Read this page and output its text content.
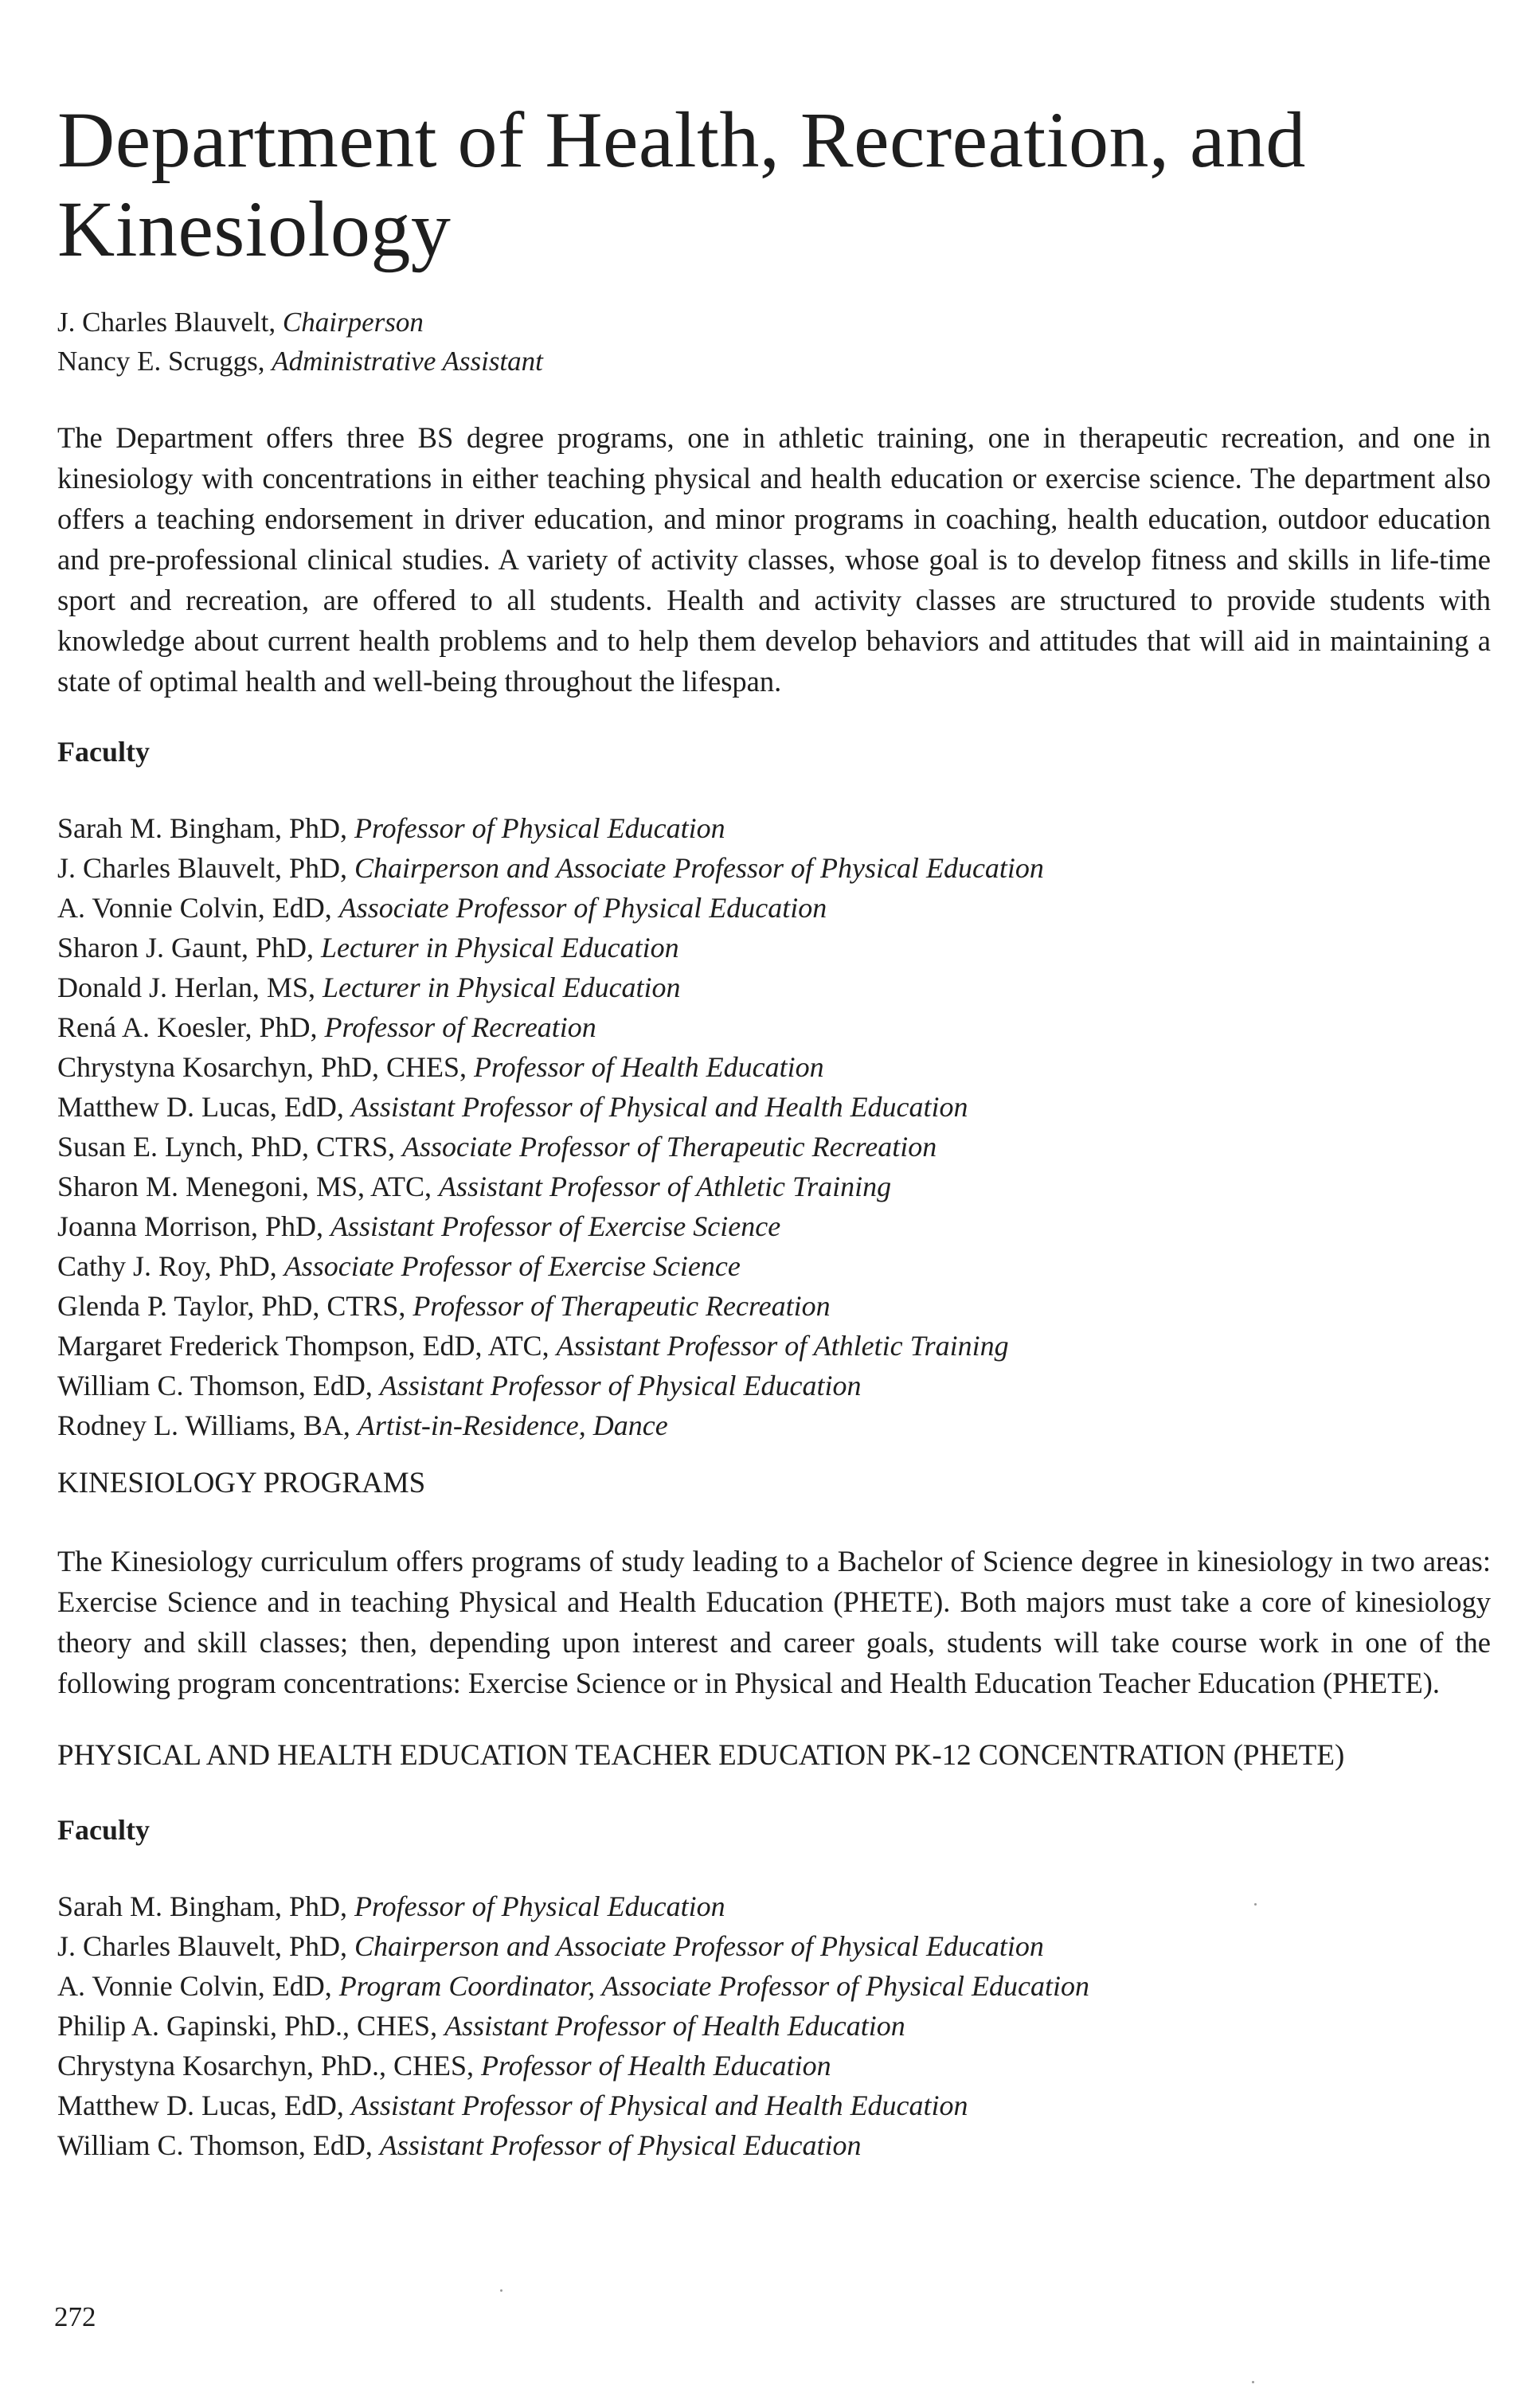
Department of Health, Recreation, and Kinesiology
J. Charles Blauvelt, Chairperson
Nancy E. Scruggs, Administrative Assistant

The Department offers three BS degree programs, one in athletic training, one in therapeutic recreation, and one in kinesiology with concentrations in either teaching physical and health education or exercise science. The department also offers a teaching endorsement in driver education, and minor programs in coaching, health education, outdoor education and pre-professional clinical studies. A variety of activity classes, whose goal is to develop fitness and skills in life-time sport and recreation, are offered to all students. Health and activity classes are structured to provide students with knowledge about current health problems and to help them develop behaviors and attitudes that will aid in maintaining a state of optimal health and well-being throughout the lifespan.

Faculty
Sarah M. Bingham, PhD, Professor of Physical Education
J. Charles Blauvelt, PhD, Chairperson and Associate Professor of Physical Education
A. Vonnie Colvin, EdD, Associate Professor of Physical Education
Sharon J. Gaunt, PhD, Lecturer in Physical Education
Donald J. Herlan, MS, Lecturer in Physical Education
Rená A. Koesler, PhD, Professor of Recreation
Chrystyna Kosarchyn, PhD, CHES, Professor of Health Education
Matthew D. Lucas, EdD, Assistant Professor of Physical and Health Education
Susan E. Lynch, PhD, CTRS, Associate Professor of Therapeutic Recreation
Sharon M. Menegoni, MS, ATC, Assistant Professor of Athletic Training
Joanna Morrison, PhD, Assistant Professor of Exercise Science
Cathy J. Roy, PhD, Associate Professor of Exercise Science
Glenda P. Taylor, PhD, CTRS, Professor of Therapeutic Recreation
Margaret Frederick Thompson, EdD, ATC, Assistant Professor of Athletic Training
William C. Thomson, EdD, Assistant Professor of Physical Education
Rodney L. Williams, BA, Artist-in-Residence, Dance
KINESIOLOGY PROGRAMS

The Kinesiology curriculum offers programs of study leading to a Bachelor of Science degree in kinesiology in two areas: Exercise Science and in teaching Physical and Health Education (PHETE). Both majors must take a core of kinesiology theory and skill classes; then, depending upon interest and career goals, students will take course work in one of the following program concentrations: Exercise Science or in Physical and Health Education Teacher Education (PHETE).

PHYSICAL AND HEALTH EDUCATION TEACHER EDUCATION PK-12 CONCENTRATION (PHETE)
Faculty
Sarah M. Bingham, PhD, Professor of Physical Education
J. Charles Blauvelt, PhD, Chairperson and Associate Professor of Physical Education
A. Vonnie Colvin, EdD, Program Coordinator, Associate Professor of Physical Education
Philip A. Gapinski, PhD., CHES, Assistant Professor of Health Education
Chrystyna Kosarchyn, PhD., CHES, Professor of Health Education
Matthew D. Lucas, EdD, Assistant Professor of Physical and Health Education
William C. Thomson, EdD, Assistant Professor of Physical Education
272
